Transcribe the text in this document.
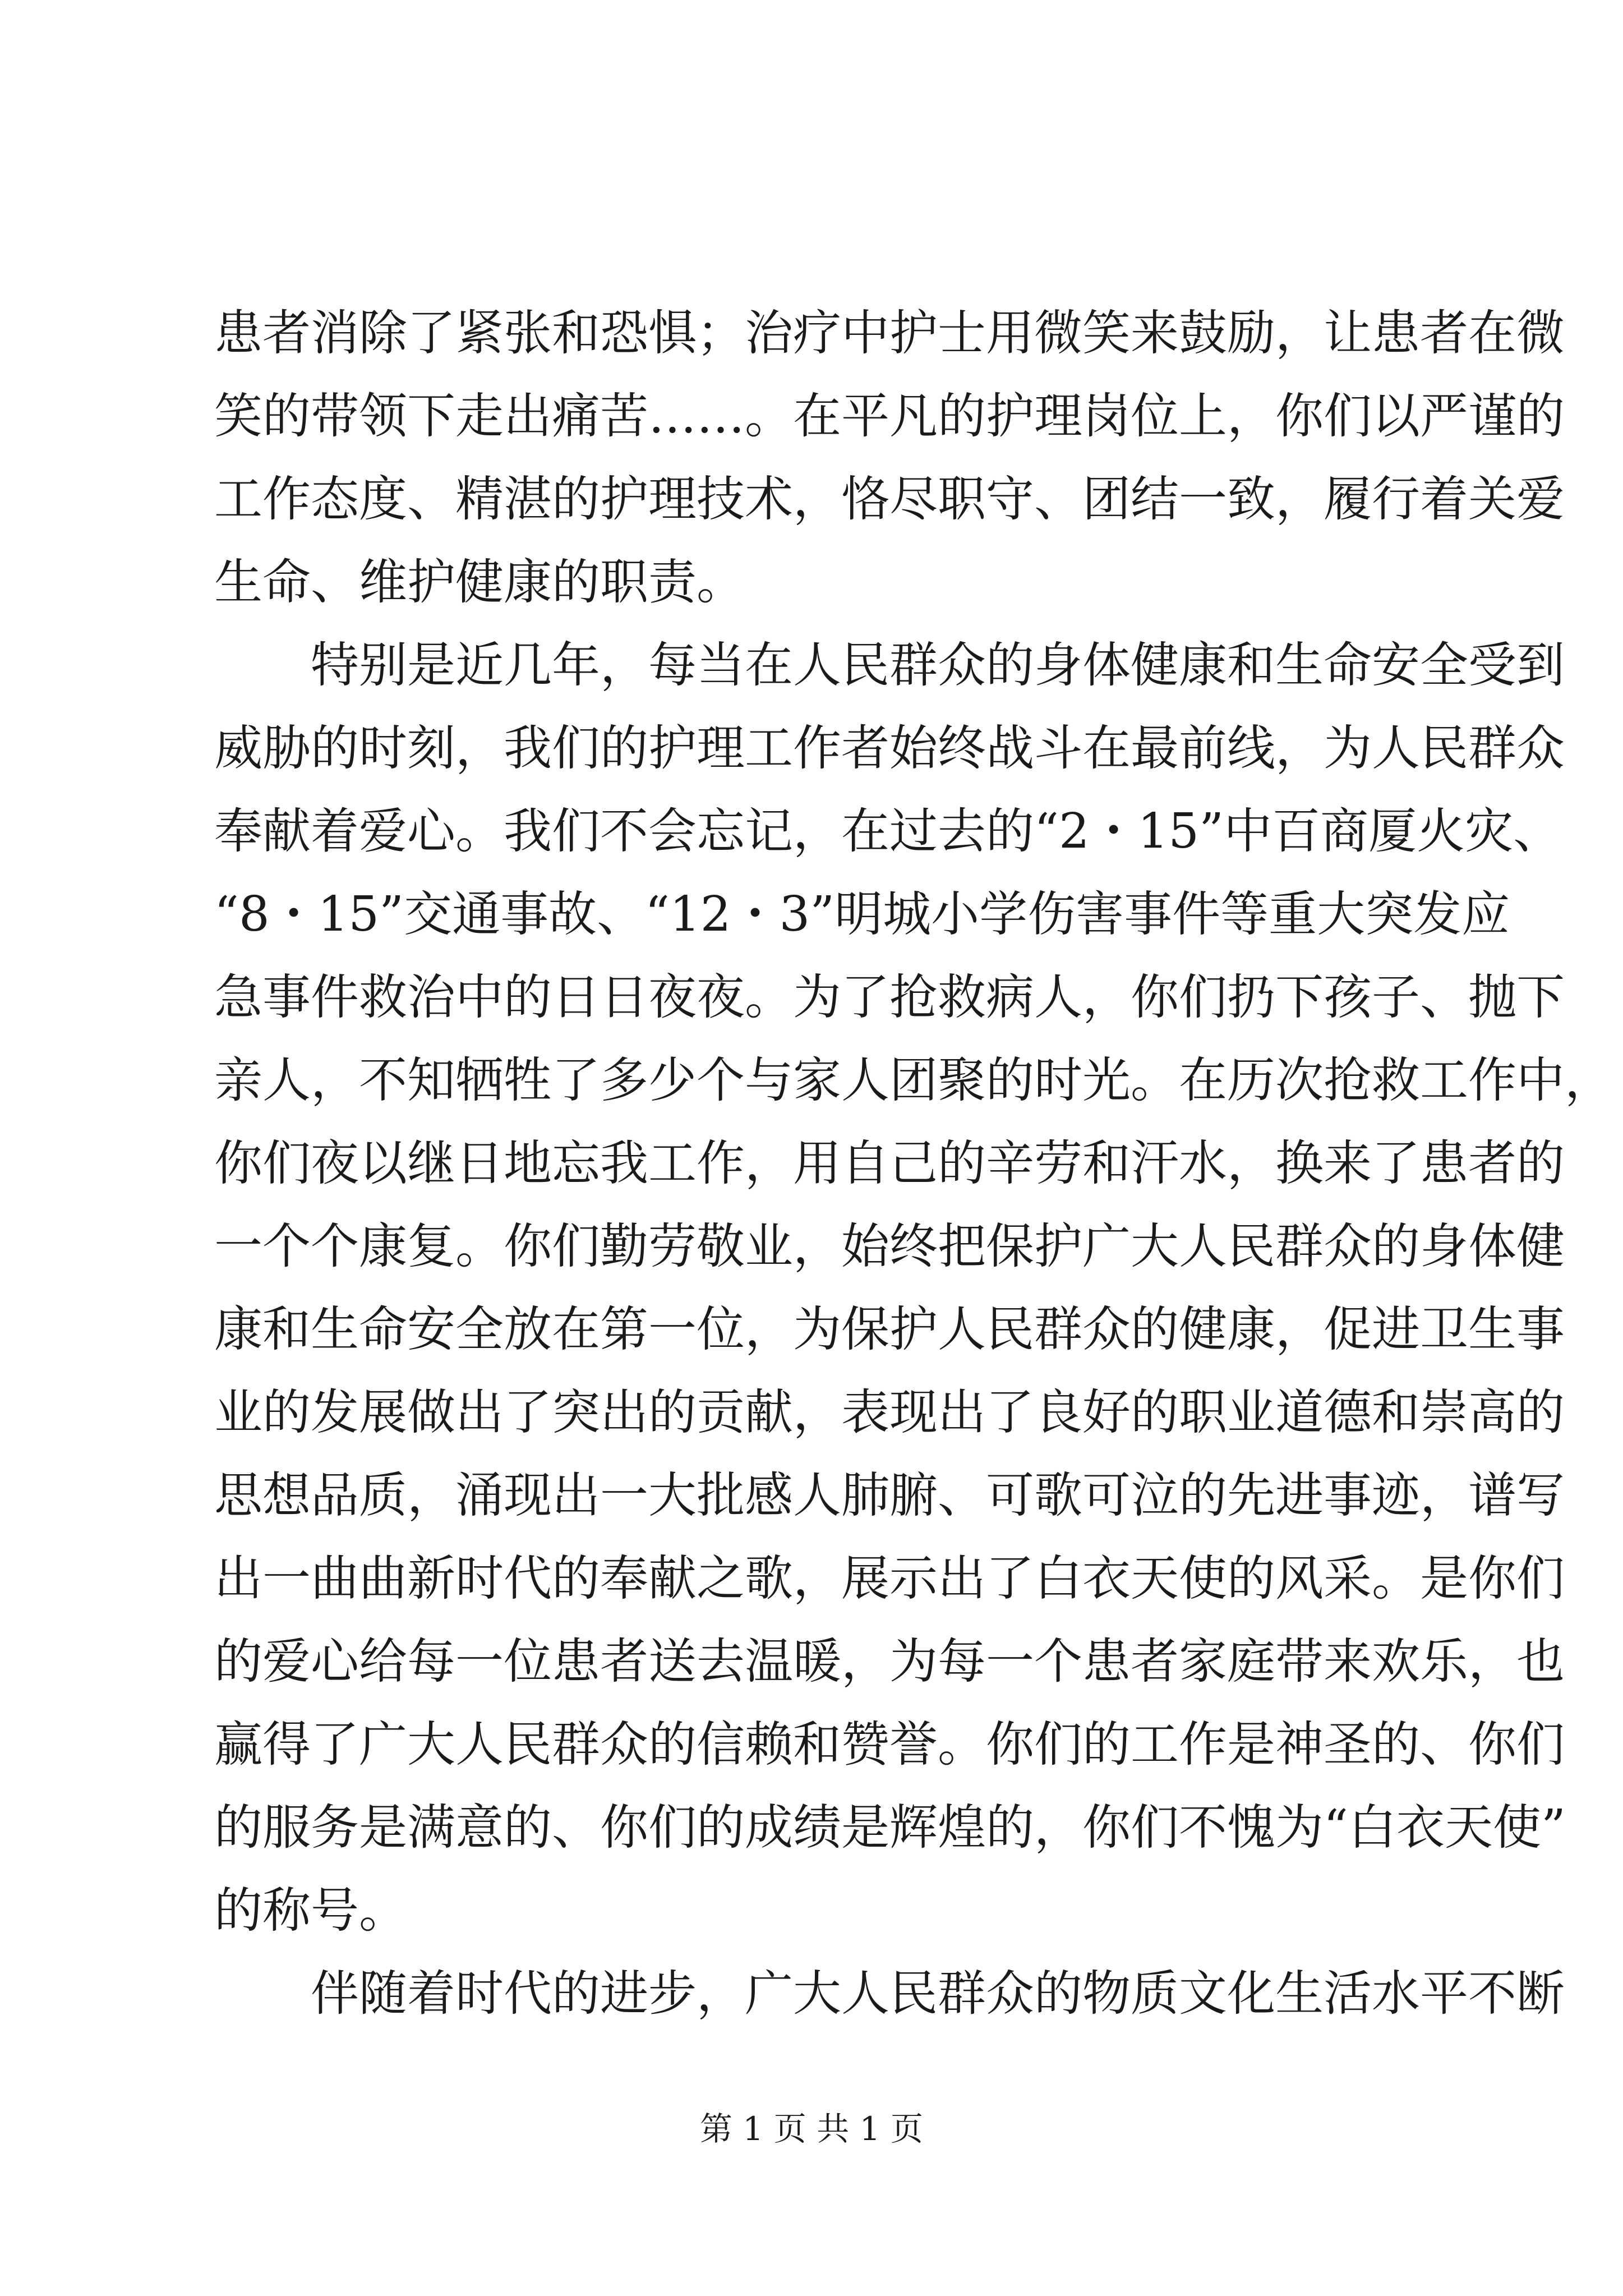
患者消除了紧张和恐惧；治疗中护士用微笑来鼓励，让患者在微
笑的带领下走出痛苦……。在平凡的护理岗位上，你们以严谨的
工作态度、精湛的护理技术，恪尽职守、团结一致，履行着关爱
生命、维护健康的职责。
特别是近几年，每当在人民群众的身体健康和生命安全受到
威胁的时刻，我们的护理工作者始终战斗在最前线，为人民群众
奉献着爱心。我们不会忘记，在过去的“2・15”中百商厦火灾、
“8・15”交通事故、“12・3”明城小学伤害事件等重大突发应
急事件救治中的日日夜夜。为了抢救病人，你们扔下孩子、抛下
亲人，不知牺牲了多少个与家人团聚的时光。在历次抢救工作中，
你们夜以继日地忘我工作，用自己的辛劳和汗水，换来了患者的
一个个康复。你们勤劳敬业，始终把保护广大人民群众的身体健
康和生命安全放在第一位，为保护人民群众的健康，促进卫生事
业的发展做出了突出的贡献，表现出了良好的职业道德和崇高的
思想品质，涌现出一大批感人肺腑、可歌可泣的先进事迹，谱写
出一曲曲新时代的奉献之歌，展示出了白衣天使的风采。是你们
的爱心给每一位患者送去温暖，为每一个患者家庭带来欢乐，也
赢得了广大人民群众的信赖和赞誉。你们的工作是神圣的、你们
的服务是满意的、你们的成绩是辉煌的，你们不愧为“白衣天使”
的称号。
伴随着时代的进步，广大人民群众的物质文化生活水平不断
第 1 页 共 1 页
